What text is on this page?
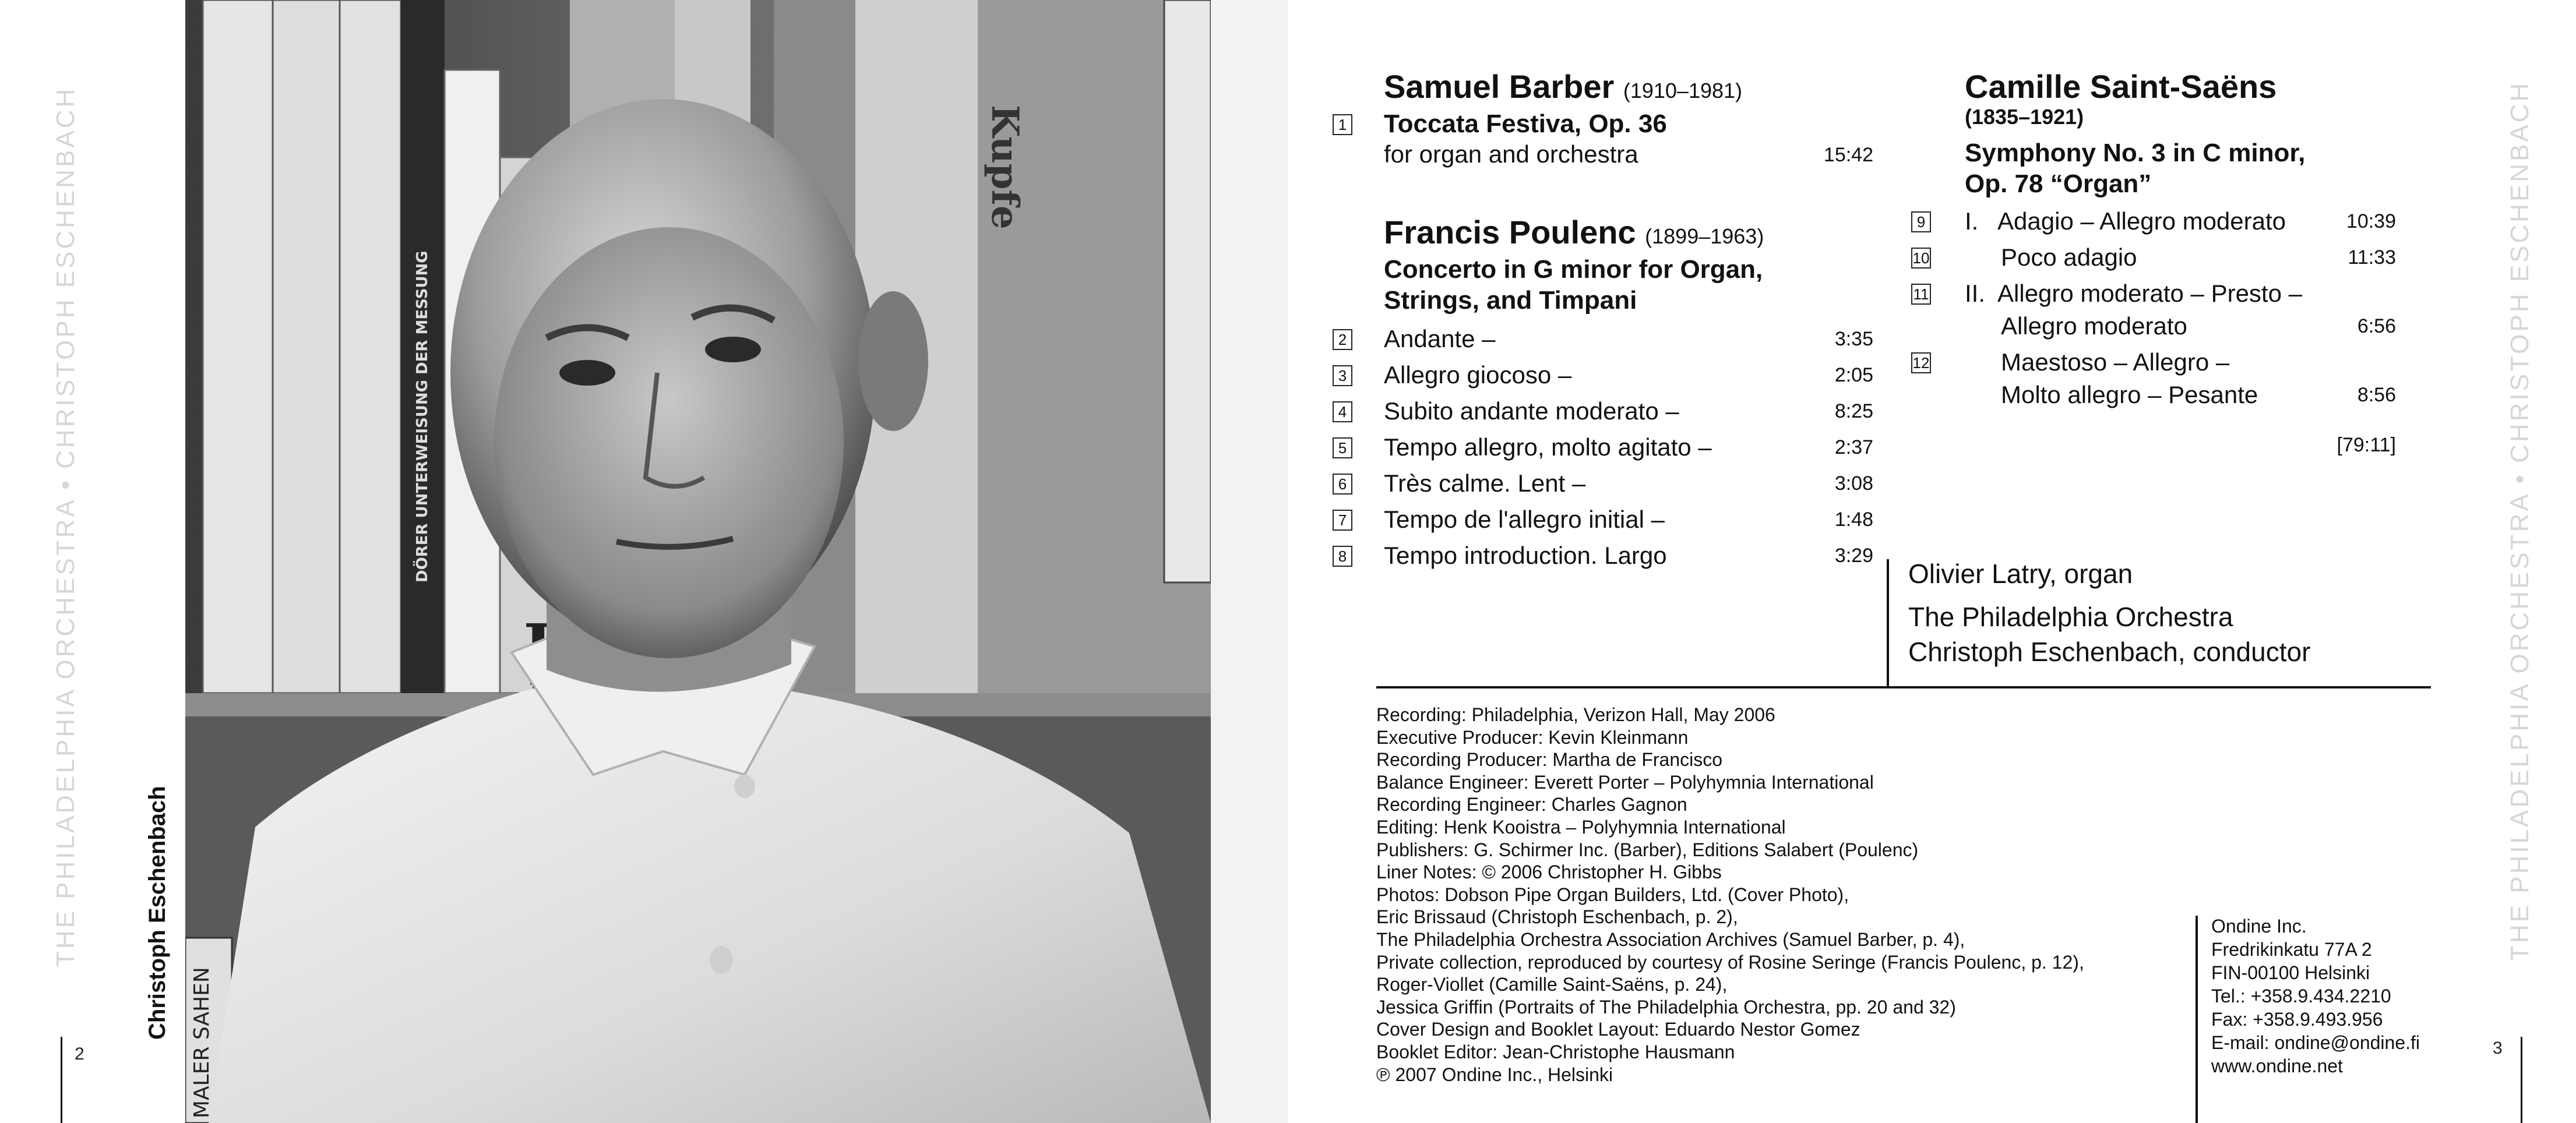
THE PHILADELPHIA ORCHESTRA • CHRISTOPH ESCHENBACH
2
Christoph Eschenbach
Kupfe
MALER SAHEN
DÖRER UNTERWEISUNG DER MESSUNG	THE PHILADELPHIA ORCHESTRA • CHRISTOPH ESCHENBACH
3
Samuel Barber (1910–1981)
1 Toccata Festiva, Op. 36
for organ and orchestra	15:42
Francis Poulenc (1899–1963)
Concerto in G minor for Organ,
Strings, and Timpani
2 Andante –	3:35
3 Allegro giocoso –	2:05
4 Subito andante moderato –	8:25
5 Tempo allegro, molto agitato –	2:37
6 Très calme. Lent –	3:08
7 Tempo de l'allegro initial –	1:48
8 Tempo introduction. Largo	3:29
Camille Saint-Saëns
(1835–1921)
Symphony No. 3 in C minor,
Op. 78 “Organ”
9 I.   Adagio – Allegro moderato	10:39
10	Poco adagio	11:33
11 II.  Allegro moderato – Presto –
Allegro moderato	6:56
12	Maestoso – Allegro –
Molto allegro – Pesante	8:56
[79:11]
Olivier Latry, organ
The Philadelphia Orchestra
Christoph Eschenbach, conductor
Recording: Philadelphia, Verizon Hall, May 2006
Executive Producer: Kevin Kleinmann
Recording Producer: Martha de Francisco
Balance Engineer: Everett Porter – Polyhymnia International
Recording Engineer: Charles Gagnon
Editing: Henk Kooistra – Polyhymnia International
Publishers: G. Schirmer Inc. (Barber), Editions Salabert (Poulenc)
Liner Notes: © 2006 Christopher H. Gibbs
Photos: Dobson Pipe Organ Builders, Ltd. (Cover Photo),
Eric Brissaud (Christoph Eschenbach, p. 2),
The Philadelphia Orchestra Association Archives (Samuel Barber, p. 4),
Private collection, reproduced by courtesy of Rosine Seringe (Francis Poulenc, p. 12),
Roger-Viollet (Camille Saint-Saëns, p. 24),
Jessica Griffin (Portraits of The Philadelphia Orchestra, pp. 20 and 32)
Cover Design and Booklet Layout: Eduardo Nestor Gomez
Booklet Editor: Jean-Christophe Hausmann
℗ 2007 Ondine Inc., Helsinki
Ondine Inc.
Fredrikinkatu 77A 2
FIN-00100 Helsinki
Tel.: +358.9.434.2210
Fax: +358.9.493.956
E-mail: ondine@ondine.fi
www.ondine.net
